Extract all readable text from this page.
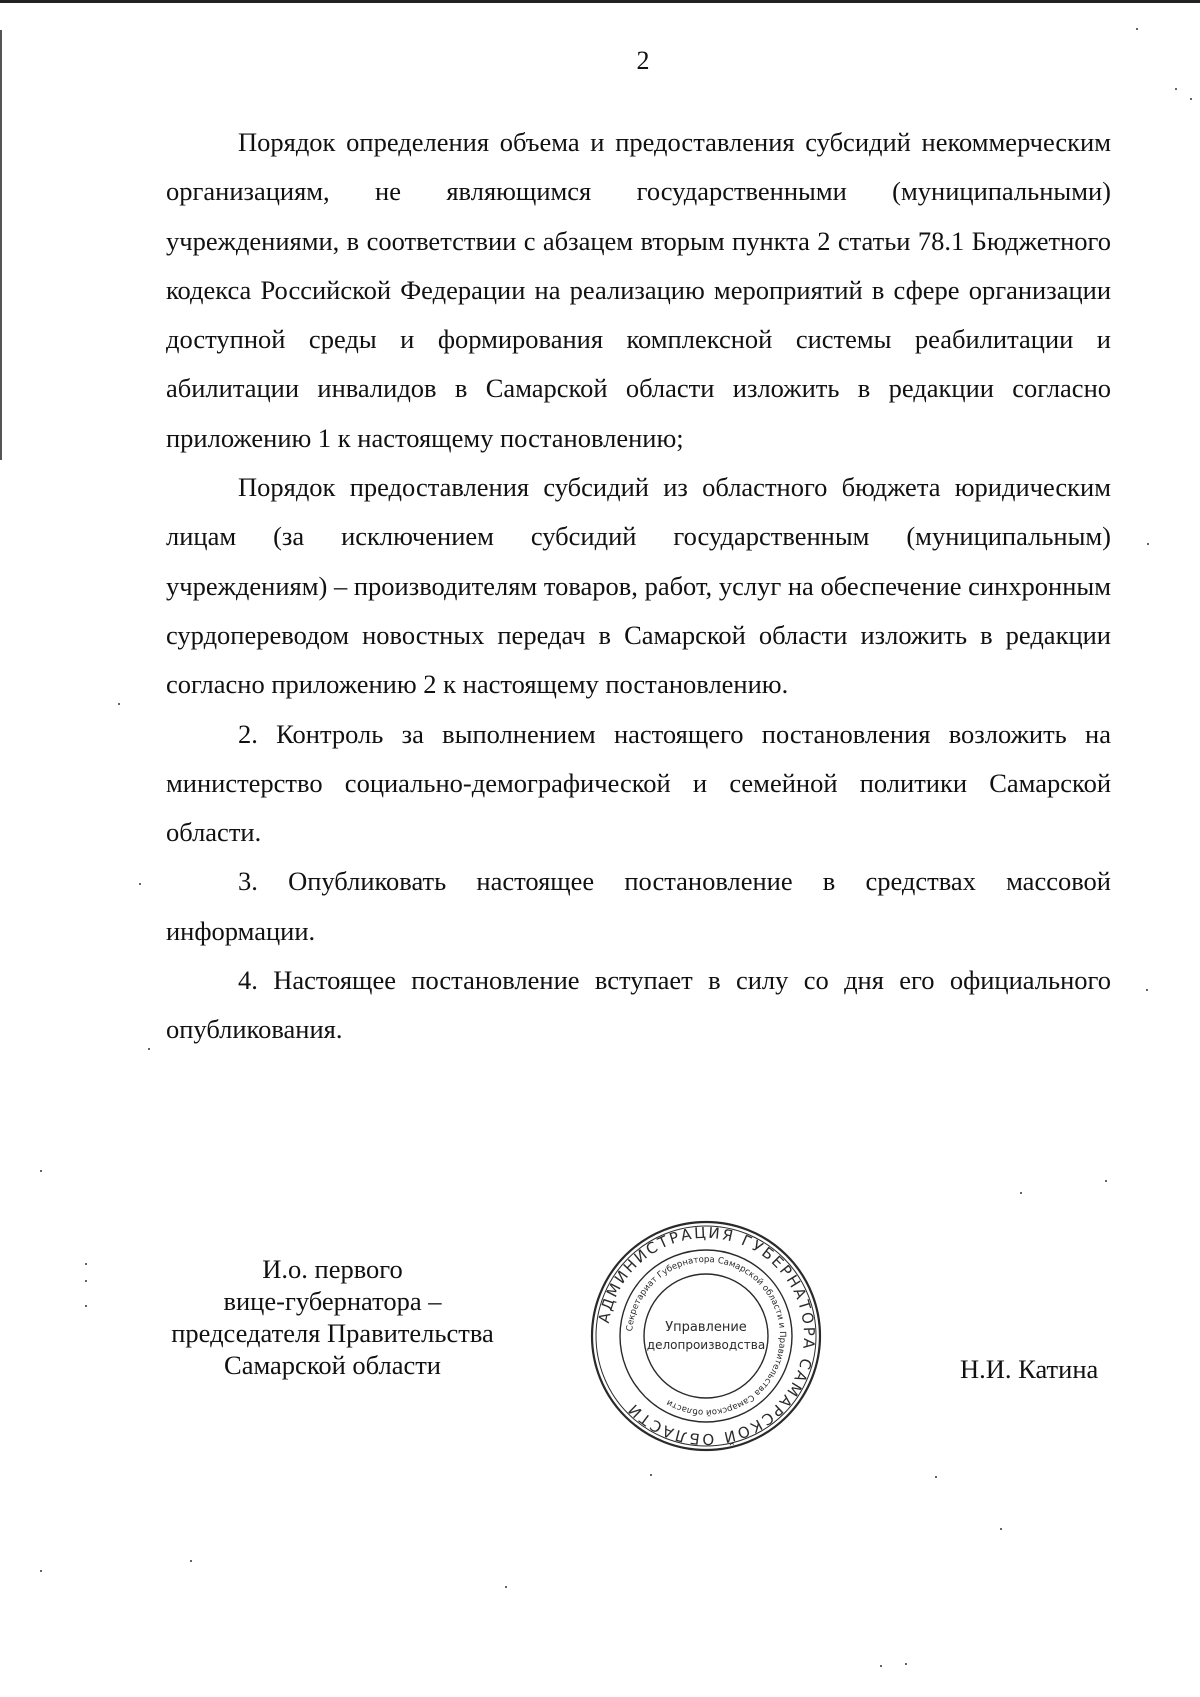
2

Порядок определения объема и предоставления субсидий некоммерческим организациям, не являющимся государственными (муниципальными) учреждениями, в соответствии с абзацем вторым пункта 2 статьи 78.1 Бюджетного кодекса Российской Федерации на реализацию мероприятий в сфере организации доступной среды и формирования комплексной системы реабилитации и абилитации инвалидов в Самарской области изложить в редакции согласно приложению 1 к настоящему постановлению;

Порядок предоставления субсидий из областного бюджета юридическим лицам (за исключением субсидий государственным (муниципальным) учреждениям) – производителям товаров, работ, услуг на обеспечение синхронным сурдопереводом новостных передач в Самарской области изложить в редакции согласно приложению 2 к настоящему постановлению.

2. Контроль за выполнением настоящего постановления возложить на министерство социально-демографической и семейной политики Самарской области.

3. Опубликовать настоящее постановление в средствах массовой информации.

4. Настоящее постановление вступает в силу со дня его официального опубликования.

И.о. первого
вице-губернатора –
председателя Правительства
Самарской области	Н.И. Катина
АДМИНИСТРАЦИЯ ГУБЕРНАТОРА САМАРСКОЙ ОБЛАСТИ
Секретариат Губернатора Самарской области и Правительства Самарской области
Управление
делопроизводства
